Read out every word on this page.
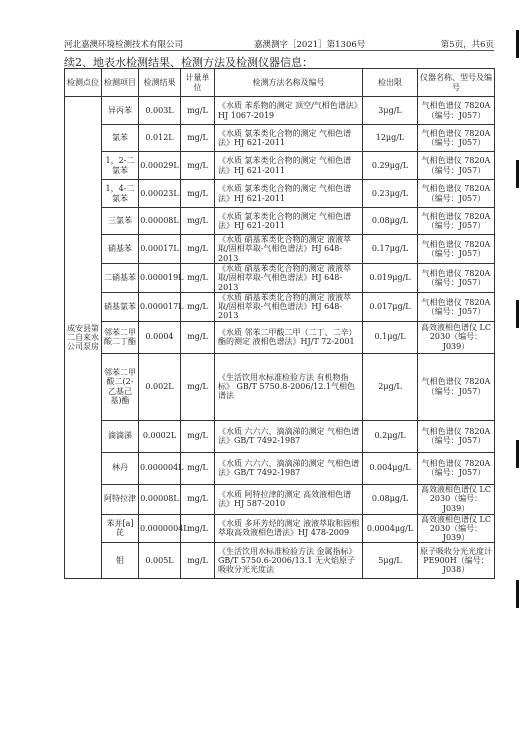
河北嘉澳环境检测技术有限公司	嘉澳测字［2021］第1306号	第5页，共6页
续2、地表水检测结果、检测方法及检测仪器信息：
检测点位	检测项目	检测结果	计量单位	检测方法名称及编号	检出限	仪器名称、型号及编号
成安县第二自来水公司泵房	异丙苯	0.003L	mg/L	《水质 苯系物的测定 顶空/气相色谱法》HJ 1067-2019	3μg/L	气相色谱仪 7820A（编号：J057）
	氯苯	0.012L	mg/L	《水质 氯苯类化合物的测定 气相色谱法》HJ 621-2011	12μg/L	气相色谱仪 7820A（编号：J057）
	1，2-二氯苯	0.00029L	mg/L	《水质 氯苯类化合物的测定 气相色谱法》HJ 621-2011	0.29μg/L	气相色谱仪 7820A（编号：J057）
	1，4-二氯苯	0.00023L	mg/L	《水质 氯苯类化合物的测定 气相色谱法》HJ 621-2011	0.23μg/L	气相色谱仪 7820A（编号：J057）
	三氯苯	0.00008L	mg/L	《水质 氯苯类化合物的测定 气相色谱法》HJ 621-2011	0.08μg/L	气相色谱仪 7820A（编号：J057）
	硝基苯	0.00017L	mg/L	《水质 硝基苯类化合物的测定 液液萃取/固相萃取-气相色谱法》HJ 648-2013	0.17μg/L	气相色谱仪 7820A（编号：J057）
	二硝基苯	0.000019L	mg/L	《水质 硝基苯类化合物的测定 液液萃取/固相萃取-气相色谱法》HJ 648-2013	0.019μg/L	气相色谱仪 7820A（编号：J057）
	硝基氯苯	0.000017L	mg/L	《水质 硝基苯类化合物的测定 液液萃取/固相萃取-气相色谱法》HJ 648-2013	0.017μg/L	气相色谱仪 7820A（编号：J057）
	邻苯二甲酸二丁酯	0.0004	mg/L	《水质 邻苯二甲酸二甲（二丁、二辛）酯的测定 液相色谱法》HJ/T 72-2001	0.1μg/L	高效液相色谱仪 LC 2030（编号：J039）
	邻苯二甲酸二(2-乙基己基)酯	0.002L	mg/L	《生活饮用水标准检验方法 有机物指标》 GB/T 5750.8-2006/12.1气相色谱法	2μg/L	气相色谱仪 7820A（编号：J057）
	滴滴涕	0.0002L	mg/L	《水质 六六六、滴滴涕的测定 气相色谱法》GB/T 7492-1987	0.2μg/L	气相色谱仪 7820A（编号：J057）
	林丹	0.000004L	mg/L	《水质 六六六、滴滴涕的测定 气相色谱法》GB/T 7492-1987	0.004μg/L	气相色谱仪 7820A（编号：J057）
	阿特拉津	0.00008L	mg/L	《水质 阿特拉津的测定 高效液相色谱法》HJ 587-2010	0.08μg/L	高效液相色谱仪 LC 2030（编号：J039）
	苯并[a]芘	0.0000004L	mg/L	《水质 多环芳烃的测定 液液萃取和固相萃取高效液相色谱法》HJ 478-2009	0.0004μg/L	高效液相色谱仪 LC 2030（编号：J039）
	钼	0.005L	mg/L	《生活饮用水标准检验方法 金属指标》 GB/T 5750.6-2006/13.1 无火焰原子吸收分光光度法	5μg/L	原子吸收分光光度计 PE900H（编号：J038）
